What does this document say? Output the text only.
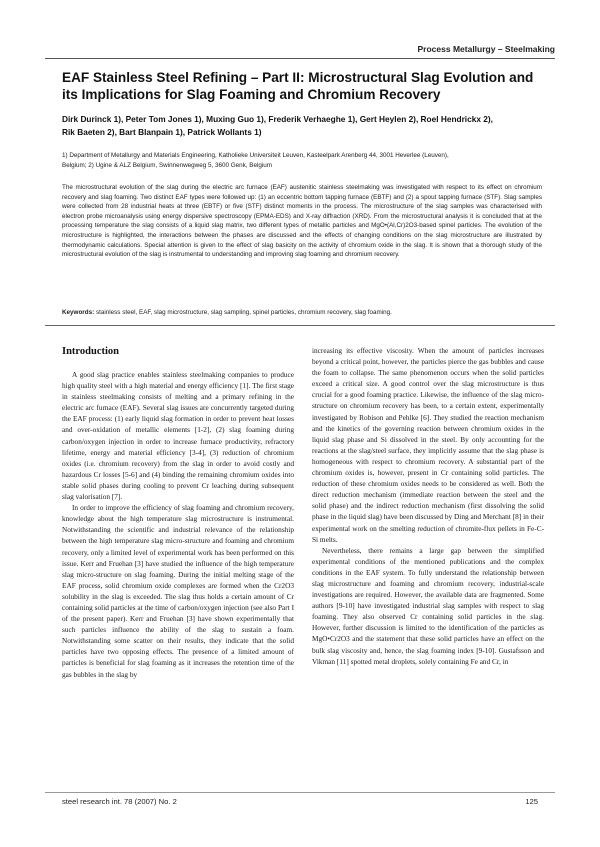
Process Metallurgy – Steelmaking
EAF Stainless Steel Refining – Part II: Microstructural Slag Evolution and its Implications for Slag Foaming and Chromium Recovery
Dirk Durinck 1), Peter Tom Jones 1), Muxing Guo 1), Frederik Verhaeghe 1), Gert Heylen 2), Roel Hendrickx 2),
Rik Baeten 2), Bart Blanpain 1), Patrick Wollants 1)
1) Department of Metallurgy and Materials Engineering, Katholieke Universiteit Leuven, Kasteelpark Arenberg 44, 3001 Heverlee (Leuven),
Belgium; 2) Ugine & ALZ Belgium, Swinnenwegweg 5, 3600 Genk, Belgium

The microstructural evolution of the slag during the electric arc furnace (EAF) austenitic stainless steelmaking was investigated with respect to its effect on chromium recovery and slag foaming. Two distinct EAF types were followed up: (1) an eccentric bottom tapping furnace (EBTF) and (2) a spout tapping furnace (STF). Slag samples were collected from 28 industrial heats at three (EBTF) or five (STF) distinct moments in the process. The microstructure of the slag samples was characterised with electron probe microanalysis using energy dispersive spectroscopy (EPMA-EDS) and X-ray diffraction (XRD). From the microstructural analysis it is concluded that at the processing temperature the slag consists of a liquid slag matrix, two different types of metallic particles and MgO•(Al,Cr)2O3-based spinel particles. The evolution of the microstructure is highlighted, the interactions between the phases are discussed and the effects of changing conditions on the slag microstructure are illustrated by thermodynamic calculations. Special attention is given to the effect of slag basicity on the activity of chromium oxide in the slag. It is shown that a thorough study of the microstructural evolution of the slag is instrumental to understanding and improving slag foaming and chromium recovery.

Keywords: stainless steel, EAF, slag microstructure, slag sampling, spinel particles, chromium recovery, slag foaming.

Introduction

A good slag practice enables stainless steelmaking companies to produce high quality steel with a high material and energy efficiency [1]. The first stage in stainless steelmaking consists of melting and a primary refining in the electric arc furnace (EAF). Several slag issues are concurrently targeted during the EAF process: (1) early liquid slag formation in order to prevent heat losses and over-oxidation of metallic elements [1-2], (2) slag foaming during carbon/oxygen injection in order to increase furnace productivity, refractory lifetime, energy and material efficiency [3-4], (3) reduction of chromium oxides (i.e. chromium recovery) from the slag in order to avoid costly and hazardous Cr losses [5-6] and (4) binding the remaining chromium oxides into stable solid phases during cooling to prevent Cr leaching during subsequent slag valorisation [7].

In order to improve the efficiency of slag foaming and chromium recovery, knowledge about the high temperature slag microstructure is instrumental. Notwithstanding the scientific and industrial relevance of the relationship between the high temperature slag micro-structure and foaming and chromium recovery, only a limited level of experimental work has been performed on this issue. Kerr and Fruehan [3] have studied the influence of the high temperature slag micro-structure on slag foaming. During the initial melting stage of the EAF process, solid chromium oxide complexes are formed when the Cr2O3 solubility in the slag is exceeded. The slag thus holds a certain amount of Cr containing solid particles at the time of carbon/oxygen injection (see also Part I of the present paper). Kerr and Fruehan [3] have shown experimentally that such particles influence the ability of the slag to sustain a foam. Notwithstanding some scatter on their results, they indicate that the solid particles have two opposing effects. The presence of a limited amount of particles is beneficial for slag foaming as it increases the retention time of the gas bubbles in the slag by

increasing its effective viscosity. When the amount of particles increases beyond a critical point, however, the particles pierce the gas bubbles and cause the foam to collapse. The same phenomenon occurs when the solid particles exceed a critical size. A good control over the slag microstructure is thus crucial for a good foaming practice. Likewise, the influence of the slag micro-structure on chromium recovery has been, to a certain extent, experimentally investigated by Robison and Pehlke [6]. They studied the reaction mechanism and the kinetics of the governing reaction between chromium oxides in the liquid slag phase and Si dissolved in the steel. By only accounting for the reactions at the slag/steel surface, they implicitly assume that the slag phase is homogeneous with respect to chromium recovery. A substantial part of the chromium oxides is, however, present in Cr containing solid particles. The reduction of these chromium oxides needs to be considered as well. Both the direct reduction mechanism (immediate reaction between the steel and the solid phase) and the indirect reduction mechanism (first dissolving the solid phase in the liquid slag) have been discussed by Ding and Merchant [8] in their experimental work on the smelting reduction of chromite-flux pellets in Fe-C-Si melts.

Nevertheless, there remains a large gap between the simplified experimental conditions of the mentioned publications and the complex conditions in the EAF system. To fully understand the relationship between slag microstructure and foaming and chromium recovery, industrial-scale investigations are required. However, the available data are fragmented. Some authors [9-10] have investigated industrial slag samples with respect to slag foaming. They also observed Cr containing solid particles in the slag. However, further discussion is limited to the identification of the particles as MgO•Cr2O3 and the statement that these solid particles have an effect on the bulk slag viscosity and, hence, the slag foaming index [9-10]. Gustafsson and Vikman [11] spotted metal droplets, solely containing Fe and Cr, in

steel research int. 78 (2007) No. 2	125
